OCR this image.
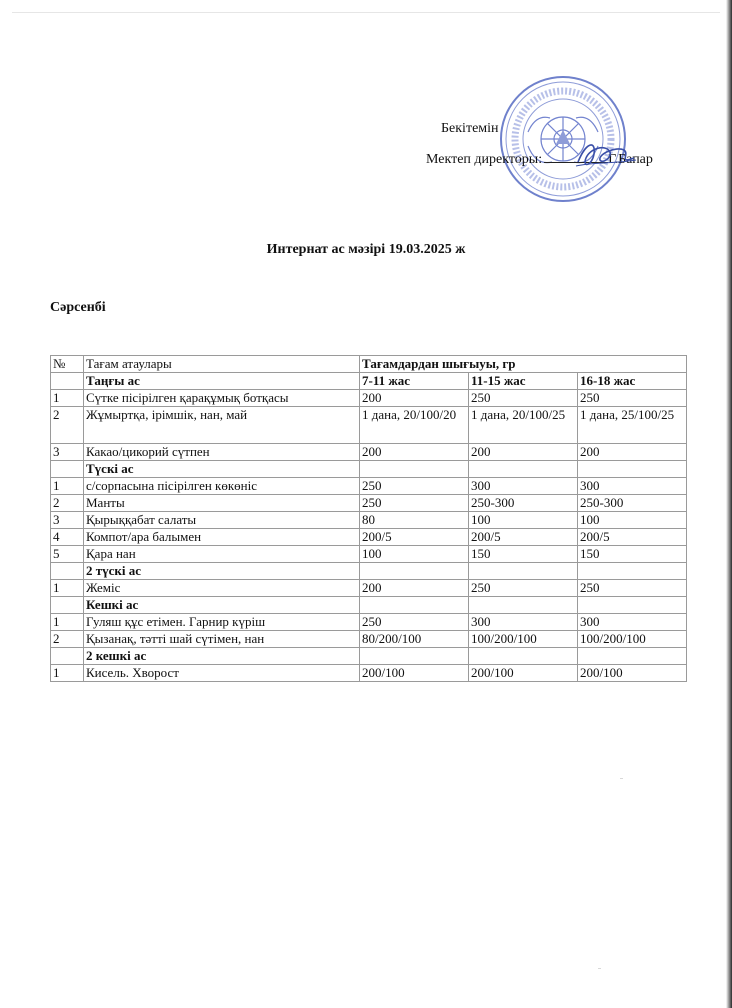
Бекітемін
Мектеп директоры:	Г.Бапар
Интернат ас мәзірі 19.03.2025 ж
Сәрсенбі
№	Тағам атаулары	Тағамдардан шығыуы, гр		
	Таңғы ас	7-11 жас	11-15 жас	16-18 жас
1	Сүтке пісірілген қарақұмық ботқасы	200	250	250
2	Жұмыртқа, ірімшік, нан, май	1 дана, 20/100/20	1 дана, 20/100/25	1 дана, 25/100/25
3	Какао/цикорий сүтпен	200	200	200
	Түскі ас			
1	с/сорпасына пісірілген көкөніс	250	300	300
2	Манты	250	250-300	250-300
3	Қырыққабат салаты	80	100	100
4	Компот/ара балымен	200/5	200/5	200/5
5	Қара нан	100	150	150
	2 түскі ас			
1	Жеміс	200	250	250
	Кешкі ас			
1	Гуляш құс етімен. Гарнир күріш	250	300	300
2	Қызанақ, тәтті шай сүтімен, нан	80/200/100	100/200/100	100/200/100
	2 кешкі ас			
1	Кисель. Хворост	200/100	200/100	200/100
